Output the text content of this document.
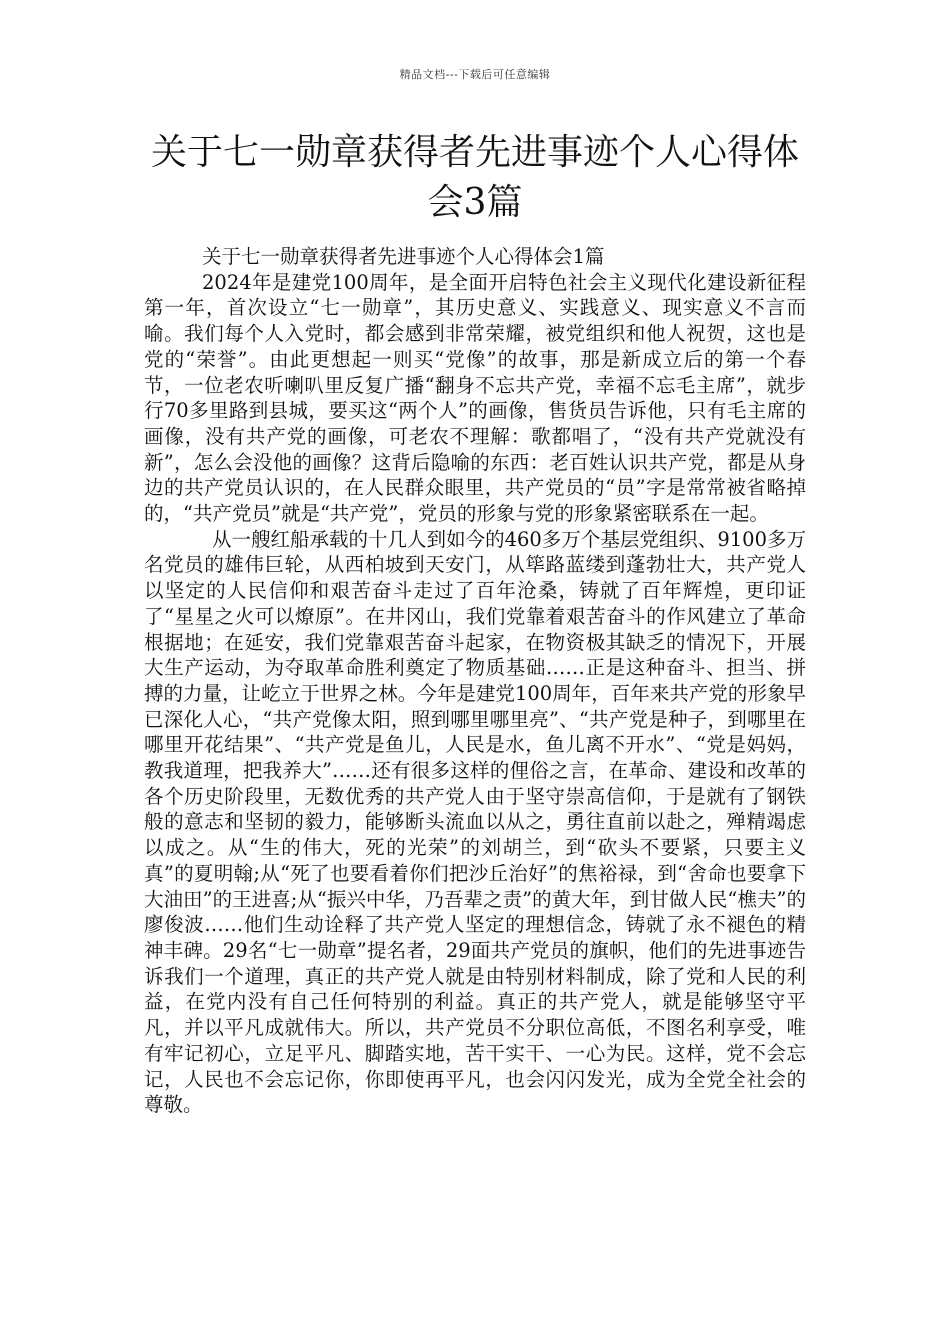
精品文档---下载后可任意编辑
关于七一勋章获得者先进事迹个人心得体
会3篇

关于七一勋章获得者先进事迹个人心得体会1篇

2024年是建党100周年，是全面开启特色社会主义现代化建设新征程第一年，首次设立“七一勋章”，其历史意义、实践意义、现实意义不言而喻。我们每个人入党时，都会感到非常荣耀，被党组织和他人祝贺，这也是党的“荣誉”。由此更想起一则买“党像”的故事，那是新成立后的第一个春节，一位老农听喇叭里反复广播“翻身不忘共产党，幸福不忘毛主席”，就步行70多里路到县城，要买这“两个人”的画像，售货员告诉他，只有毛主席的画像，没有共产党的画像，可老农不理解：歌都唱了，“没有共产党就没有新”，怎么会没他的画像？这背后隐喻的东西：老百姓认识共产党，都是从身边的共产党员认识的，在人民群众眼里，共产党员的“员”字是常常被省略掉的，“共产党员”就是“共产党”，党员的形象与党的形象紧密联系在一起。

从一艘红船承载的十几人到如今的460多万个基层党组织、9100多万名党员的雄伟巨轮，从西柏坡到天安门，从筚路蓝缕到蓬勃壮大，共产党人以坚定的人民信仰和艰苦奋斗走过了百年沧桑，铸就了百年辉煌，更印证了“星星之火可以燎原”。在井冈山，我们党靠着艰苦奋斗的作风建立了革命根据地；在延安，我们党靠艰苦奋斗起家，在物资极其缺乏的情况下，开展大生产运动，为夺取革命胜利奠定了物质基础……正是这种奋斗、担当、拼搏的力量，让屹立于世界之林。今年是建党100周年，百年来共产党的形象早已深化人心，“共产党像太阳，照到哪里哪里亮”、“共产党是种子，到哪里在哪里开花结果”、“共产党是鱼儿，人民是水，鱼儿离不开水”、“党是妈妈，教我道理，把我养大”……还有很多这样的俚俗之言，在革命、建设和改革的各个历史阶段里，无数优秀的共产党人由于坚守崇高信仰，于是就有了钢铁般的意志和坚韧的毅力，能够断头流血以从之，勇往直前以赴之，殚精竭虑以成之。从“生的伟大，死的光荣”的刘胡兰，到“砍头不要紧，只要主义真”的夏明翰;从“死了也要看着你们把沙丘治好”的焦裕禄，到“舍命也要拿下大油田”的王进喜;从“振兴中华，乃吾辈之责”的黄大年，到甘做人民“樵夫”的廖俊波……他们生动诠释了共产党人坚定的理想信念，铸就了永不褪色的精神丰碑。29名“七一勋章”提名者，29面共产党员的旗帜，他们的先进事迹告诉我们一个道理，真正的共产党人就是由特别材料制成，除了党和人民的利益，在党内没有自己任何特别的利益。真正的共产党人，就是能够坚守平凡，并以平凡成就伟大。所以，共产党员不分职位高低，不图名利享受，唯有牢记初心，立足平凡、脚踏实地，苦干实干、一心为民。这样，党不会忘记，人民也不会忘记你，你即使再平凡，也会闪闪发光，成为全党全社会的尊敬。
